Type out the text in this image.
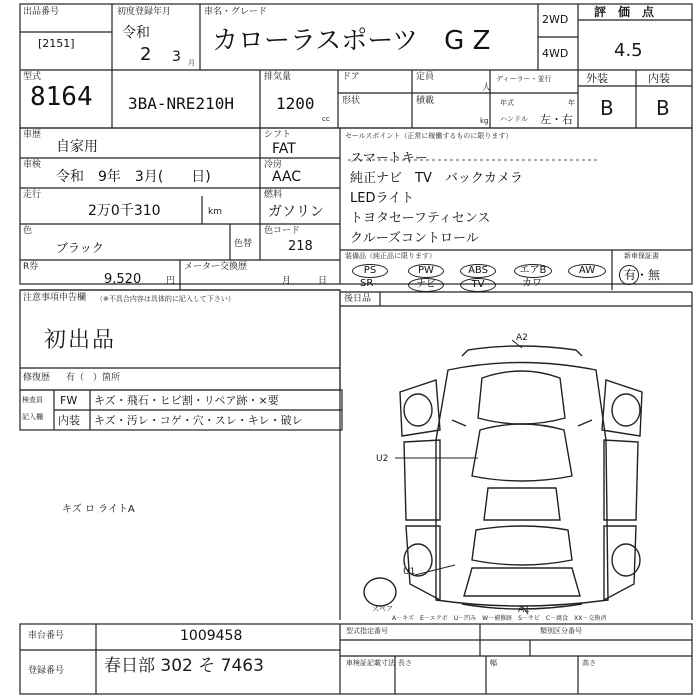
出品番号
[2151]
8164
初度登録年月
令和
2 3 月
車名・グレード
カローラスポーツ　G Z
2WD
4WD
評　価　点
4.5
型式
3BA-NRE210H
排気量
1200
cc
ドア	定員
人
形状	積載
kg
ディーラー・並行
年式	年
ハンドル 左・右
外装	内装
B B
車歴
自家用
シフト
FAT
車検
令和　9年　3月(　　日)
冷房
AAC
走行
2万0千310	km
燃料
ガソリン
色
ブラック	色替
色コード
218
R券
9,520	円
メーター交換歴
月　　　日
注意事項申告欄 （※不具合内容は具体的に記入して下さい）
初出品
修復歴 有（　）箇所
セールスポイント（正常に稼働するものに限ります）
スマートキー
純正ナビ　TV　バックカメラ
LEDライト
トヨタセーフティセンス
クルーズコントロール
装備品（純正品に限ります）
PS	PW	ABS	エアB	AW
SR	ナビ	TV	カワ
新車保証書
有・無
検査員
記入欄
FW キズ・飛石・ヒビ割・リペア跡・×要
内装 キズ・汚レ・コゲ・穴・スレ・キレ・破レ
キズ ロ ライトA
後日品
A2
U2
U1
A1
スペア
A－キズ　E－エクボ　U－凹み　W－補修跡　S－サビ　C－腐食　XX－交換済
車台番号	1009458
登録番号 春日部 302 そ 7463
型式指定番号	類別区分番号
車検証記載寸法 長さ	幅	高さ
